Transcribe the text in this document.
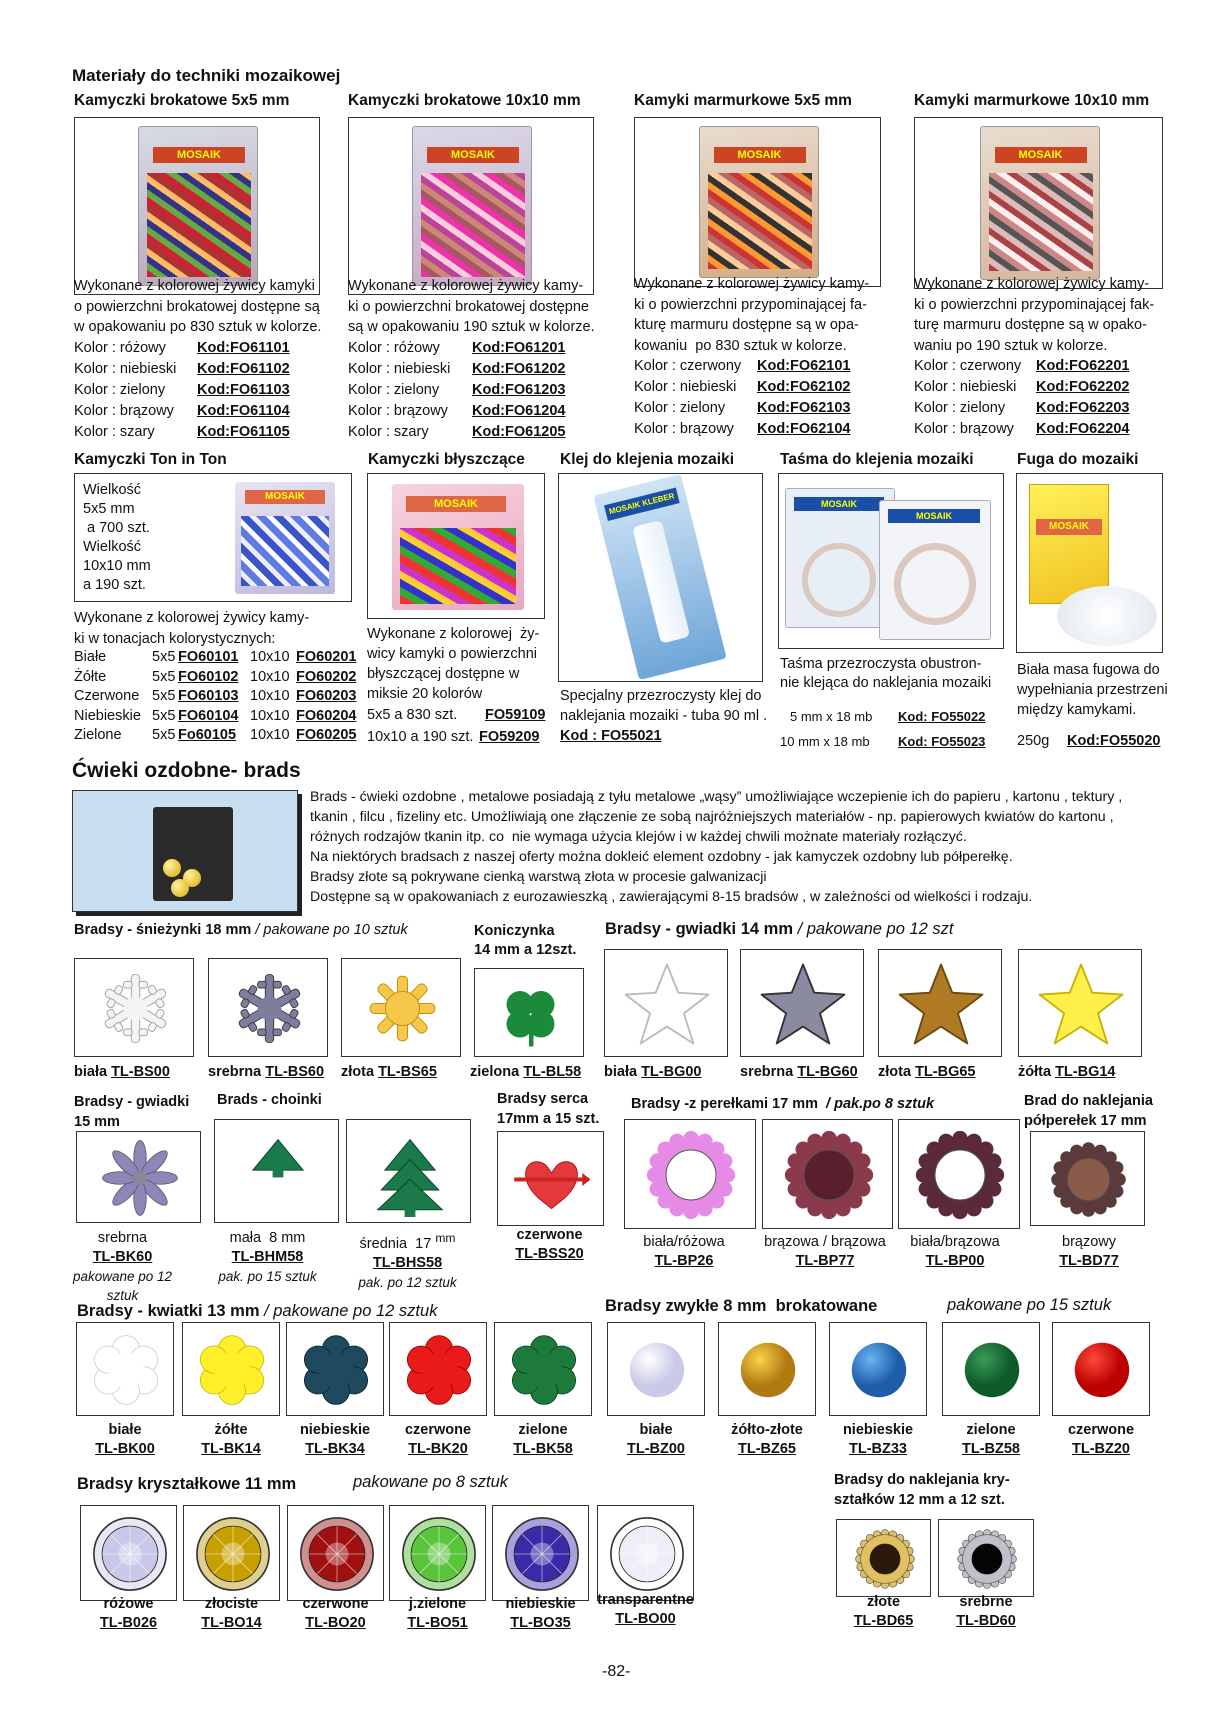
Materiały do techniki mozaikowej
Kamyczki brokatowe 5x5 mm
MOSAIK
Wykonane z kolorowej żywicy kamyki
o powierzchni brokatowej dostępne są
w opakowaniu po 830 sztuk w kolorze.
Kolor : różowy Kod:FO61101
Kolor : niebieski Kod:FO61102
Kolor : zielony Kod:FO61103
Kolor : brązowy Kod:FO61104
Kolor : szary	Kod:FO61105
Kamyczki brokatowe 10x10 mm
MOSAIK
Wykonane z kolorowej żywicy kamy-
ki o powierzchni brokatowej dostępne
są w opakowaniu 190 sztuk w kolorze.
Kolor : różowy Kod:FO61201
Kolor : niebieski Kod:FO61202
Kolor : zielony Kod:FO61203
Kolor : brązowy Kod:FO61204
Kolor : szary	Kod:FO61205
Kamyki marmurkowe 5x5 mm
MOSAIK
Wykonane z kolorowej żywicy kamy-
ki o powierzchni przypominającej fa-
kturę marmuru dostępne są w opa-
kowaniu  po 830 sztuk w kolorze.
Kolor : czerwony Kod:FO62101
Kolor : niebieski Kod:FO62102
Kolor : zielony Kod:FO62103
Kolor : brązowy Kod:FO62104
Kamyki marmurkowe 10x10 mm
MOSAIK
Wykonane z kolorowej żywicy kamy-
ki o powierzchni przypominającej fak-
turę marmuru dostępne są w opako-
waniu po 190 sztuk w kolorze.
Kolor : czerwony Kod:FO62201
Kolor : niebieski Kod:FO62202
Kolor : zielony Kod:FO62203
Kolor : brązowy Kod:FO62204
Kamyczki Ton in Ton
Wielkość
5x5 mm
a 700 szt.
Wielkość
10x10 mm
a 190 szt.
MOSAIK
Wykonane z kolorowej żywicy kamy-
ki w tonacjach kolorystycznych:
Białe	5x5 FO60101 10x10 FO60201
Żółte	5x5 FO60102 10x10 FO60202
Czerwone 5x5 FO60103 10x10 FO60203
Niebieskie 5x5 FO60104 10x10 FO60204
Zielone 5x5 Fo60105 10x10 FO60205
Kamyczki błyszczące
MOSAIK
Wykonane z kolorowej  ży-
wicy kamyki o powierzchni
błyszczącej dostępne w
miksie 20 kolorów
5x5 a 830 szt. FO59109
10x10 a 190 szt. FO59209
Klej do klejenia mozaiki
MOSAIK KLEBER
Specjalny przezroczysty klej do
naklejania mozaiki - tuba 90 ml .
Kod : FO55021
Taśma do klejenia mozaiki
MOSAIK
MOSAIK
Taśma przezroczysta obustron-
nie klejąca do naklejania mozaiki
5 mm x 18 mb Kod: FO55022
10 mm x 18 mb Kod: FO55023
Fuga do mozaiki
MOSAIK
Biała masa fugowa do
wypełniania przestrzeni
między kamykami.
250g Kod:FO55020
Ćwieki ozdobne- brads
Brads - ćwieki ozdobne , metalowe posiadają z tyłu metalowe „wąsy” umożliwiające wczepienie ich do papieru , kartonu , tektury ,
tkanin , filcu , fizeliny etc. Umożliwiają one złączenie ze sobą najróżniejszych materiałów - np. papierowych kwiatów do kartonu ,
różnych rodzajów tkanin itp. co  nie wymaga użycia klejów i w każdej chwili możnate materiały rozłączyć.
Na niektórych bradsach z naszej oferty można dokleić element ozdobny - jak kamyczek ozdobny lub półperełkę.
Bradsy złote są pokrywane cienką warstwą złota w procesie galwanizacji
Dostępne są w opakowaniach z eurozawieszką , zawierającymi 8-15 bradsów , w zależności od wielkości i rodzaju.
Bradsy - śnieżynki 18 mm / pakowane po 10 sztuk	Koniczynka
14 mm a 12szt.
Bradsy - gwiadki 14 mm / pakowane po 12 szt
Bradsy - gwiadki
15 mm
Brads - choinki	Bradsy serca
17mm a 15 szt.
Bradsy -z perełkami 17 mm  / pak.po 8 sztuk	Brad do naklejania
półperełek 17 mm
Bradsy - kwiatki 13 mm / pakowane po 12 sztuk	Bradsy zwykłe 8 mm  brokatowane	pakowane po 15 sztuk
Bradsy kryształkowe 11 mm	pakowane po 8 sztuk	Bradsy do naklejania kry-
ształków 12 mm a 12 szt.
biała TL-BS00	srebrna TL-BS60 złota TL-BS65	zielona TL-BL58	biała TL-BG00	srebrna TL-BG60	złota TL-BG65	żółta TL-BG14
srebrna
TL-BK60
pakowane po 12 sztuk
mała  8 mm
TL-BHM58
pak. po 15 sztuk
średnia  17 $^{mm}$

TL-BHS58
pak. po 12 sztuk
czerwone
TL-BSS20
biała/różowa
TL-BP26
brązowa / brązowa
TL-BP77
biała/brązowa
TL-BP00
brązowy
TL-BD77
białe
TL-BK00
żółte
TL-BK14
niebieskie
TL-BK34
czerwone
TL-BK20
zielone
TL-BK58
białe
TL-BZ00
żółto-złote
TL-BZ65
niebieskie
TL-BZ33
zielone
TL-BZ58
czerwone
TL-BZ20
różowe
TL-B026
złociste
TL-BO14
czerwone
TL-BO20
j.zielone
TL-BO51
niebieskie
TL-BO35
transparentne
TL-BO00
złote
TL-BD65
srebrne
TL-BD60
-82-
